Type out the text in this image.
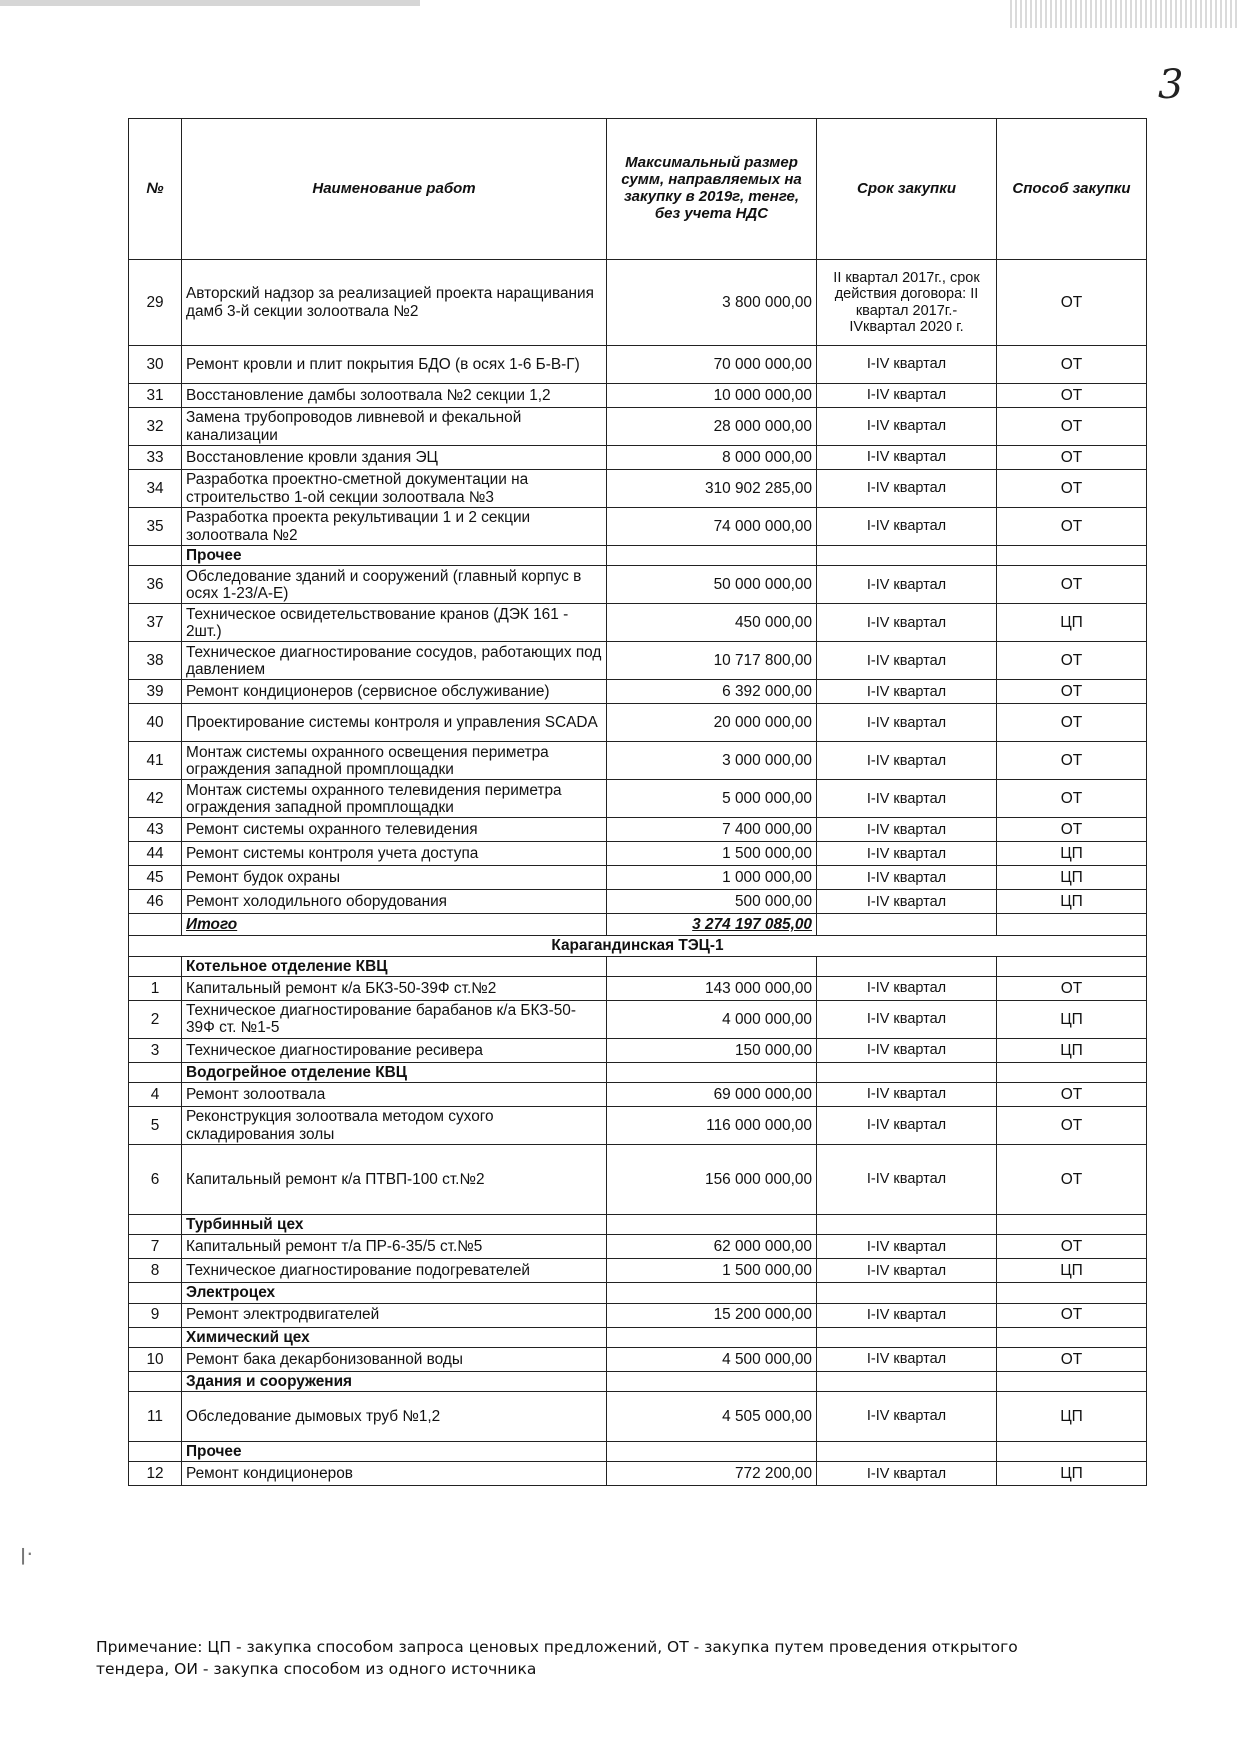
3
№	Наименование работ	Максимальный размер сумм, направляемых на закупку в 2019г, тенге, без учета НДС	Срок закупки	Способ закупки
29	Авторский надзор за реализацией проекта наращивания дамб 3-й секции золоотвала №2	3 800 000,00	II квартал 2017г., срок действия договора: II квартал 2017г.- IVквартал 2020 г.	ОТ
30	Ремонт кровли и плит покрытия БДО (в осях 1-6 Б-В-Г)	70 000 000,00	I-IV квартал	ОТ
31	Восстановление дамбы золоотвала №2 секции 1,2	10 000 000,00	I-IV квартал	ОТ
32	Замена трубопроводов ливневой и фекальной канализации	28 000 000,00	I-IV квартал	ОТ
33	Восстановление кровли здания ЭЦ	8 000 000,00	I-IV квартал	ОТ
34	Разработка проектно-сметной документации на строительство 1-ой секции золоотвала №3	310 902 285,00	I-IV квартал	ОТ
35	Разработка проекта рекультивации 1 и 2 секции золоотвала №2	74 000 000,00	I-IV квартал	ОТ
	Прочее			
36	Обследование зданий и сооружений (главный корпус в осях 1-23/А-Е)	50 000 000,00	I-IV квартал	ОТ
37	Техническое освидетельствование кранов (ДЭК 161 - 2шт.)	450 000,00	I-IV квартал	ЦП
38	Техническое диагностирование сосудов, работающих под давлением	10 717 800,00	I-IV квартал	ОТ
39	Ремонт кондиционеров (сервисное обслуживание)	6 392 000,00	I-IV квартал	ОТ
40	Проектирование системы контроля и управления SCADA	20 000 000,00	I-IV квартал	ОТ
41	Монтаж системы охранного освещения периметра ограждения западной промплощадки	3 000 000,00	I-IV квартал	ОТ
42	Монтаж системы охранного телевидения периметра ограждения западной промплощадки	5 000 000,00	I-IV квартал	ОТ
43	Ремонт системы охранного телевидения	7 400 000,00	I-IV квартал	ОТ
44	Ремонт системы контроля учета доступа	1 500 000,00	I-IV квартал	ЦП
45	Ремонт будок охраны	1 000 000,00	I-IV квартал	ЦП
46	Ремонт холодильного оборудования	500 000,00	I-IV квартал	ЦП
	Итого	3 274 197 085,00		
Карагандинская ТЭЦ-1				
	Котельное отделение КВЦ			
1	Капитальный ремонт к/а БКЗ-50-39Ф ст.№2	143 000 000,00	I-IV квартал	ОТ
2	Техническое диагностирование барабанов к/а БКЗ-50-39Ф ст. №1-5	4 000 000,00	I-IV квартал	ЦП
3	Техническое диагностирование ресивера	150 000,00	I-IV квартал	ЦП
	Водогрейное отделение КВЦ			
4	Ремонт золоотвала	69 000 000,00	I-IV квартал	ОТ
5	Реконструкция золоотвала методом сухого складирования золы	116 000 000,00	I-IV квартал	ОТ
6	Капитальный ремонт к/а ПТВП-100 ст.№2	156 000 000,00	I-IV квартал	ОТ
	Турбинный цех			
7	Капитальный ремонт т/а ПР-6-35/5 ст.№5	62 000 000,00	I-IV квартал	ОТ
8	Техническое диагностирование подогревателей	1 500 000,00	I-IV квартал	ЦП
	Электроцех			
9	Ремонт электродвигателей	15 200 000,00	I-IV квартал	ОТ
	Химический цех			
10	Ремонт бака декарбонизованной воды	4 500 000,00	I-IV квартал	ОТ
	Здания и сооружения			
11	Обследование дымовых труб №1,2	4 505 000,00	I-IV квартал	ЦП
	Прочее			
12	Ремонт кондиционеров	772 200,00	I-IV квартал	ЦП
ꞁ·
Примечание: ЦП - закупка способом запроса ценовых предложений, ОТ - закупка путем проведения открытого тендера, ОИ - закупка способом из одного источника
